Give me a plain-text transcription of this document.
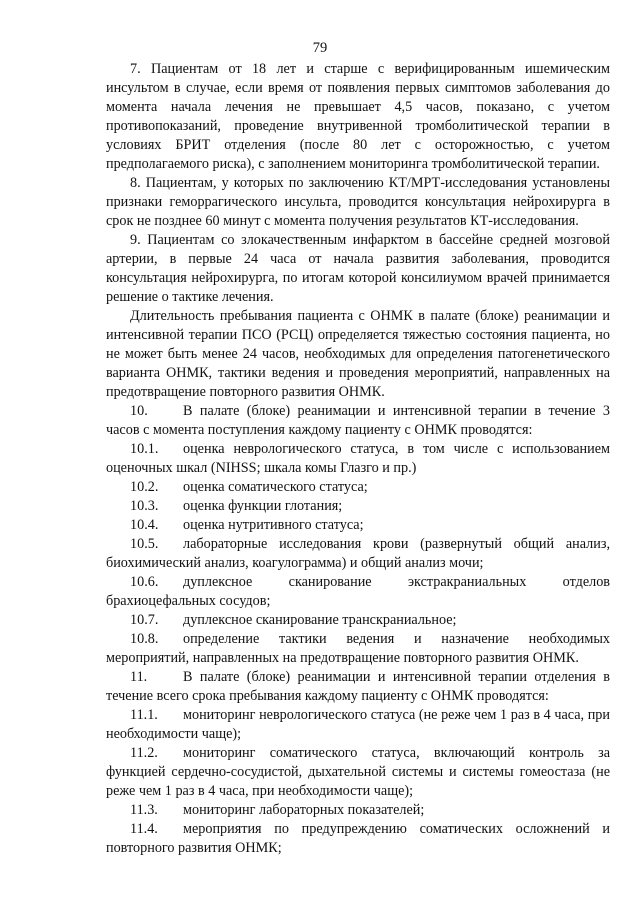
79

7. Пациентам от 18 лет и старше с верифицированным ишемическим инсультом в случае, если время от появления первых симптомов заболевания до момента начала лечения не превышает 4,5 часов, показано, с учетом противопоказаний, проведение внутривенной тромболитической терапии в условиях БРИТ отделения (после 80 лет с осторожностью, с учетом предполагаемого риска), с заполнением мониторинга тромболитической терапии.

8. Пациентам, у которых по заключению КТ/МРТ-исследования установлены признаки геморрагического инсульта, проводится консультация нейрохирурга в срок не позднее 60 минут с момента получения результатов КТ-исследования.

9. Пациентам со злокачественным инфарктом в бассейне средней мозговой артерии, в первые 24 часа от начала развития заболевания, проводится консультация нейрохирурга, по итогам которой консилиумом врачей принимается решение о тактике лечения.

Длительность пребывания пациента с ОНМК в палате (блоке) реанимации и интенсивной терапии ПСО (РСЦ) определяется тяжестью состояния пациента, но не может быть менее 24 часов, необходимых для определения патогенетического варианта ОНМК, тактики ведения и проведения мероприятий, направленных на предотвращение повторного развития ОНМК.

10. В палате (блоке) реанимации и интенсивной терапии в течение 3 часов с момента поступления каждому пациенту с ОНМК проводятся:

10.1. оценка неврологического статуса, в том числе с использованием оценочных шкал (NIHSS; шкала комы Глазго и пр.)

10.2. оценка соматического статуса;

10.3. оценка функции глотания;

10.4. оценка нутритивного статуса;

10.5. лабораторные исследования крови (развернутый общий анализ, биохимический анализ, коагулограмма) и общий анализ мочи;

10.6. дуплексное сканирование экстракраниальных отделов брахиоцефальных сосудов;

10.7. дуплексное сканирование транскраниальное;

10.8. определение тактики ведения и назначение необходимых мероприятий, направленных на предотвращение повторного развития ОНМК.

11.	В палате (блоке) реанимации и интенсивной терапии отделения в течение всего срока пребывания каждому пациенту с ОНМК проводятся:

11.1. мониторинг неврологического статуса (не реже чем 1 раз в 4 часа, при необходимости чаще);

11.2. мониторинг соматического статуса, включающий контроль за функцией сердечно-сосудистой, дыхательной системы и системы гомеостаза (не реже чем 1 раз в 4 часа, при необходимости чаще);

11.3. мониторинг лабораторных показателей;

11.4. мероприятия по предупреждению соматических осложнений и повторного развития ОНМК;
